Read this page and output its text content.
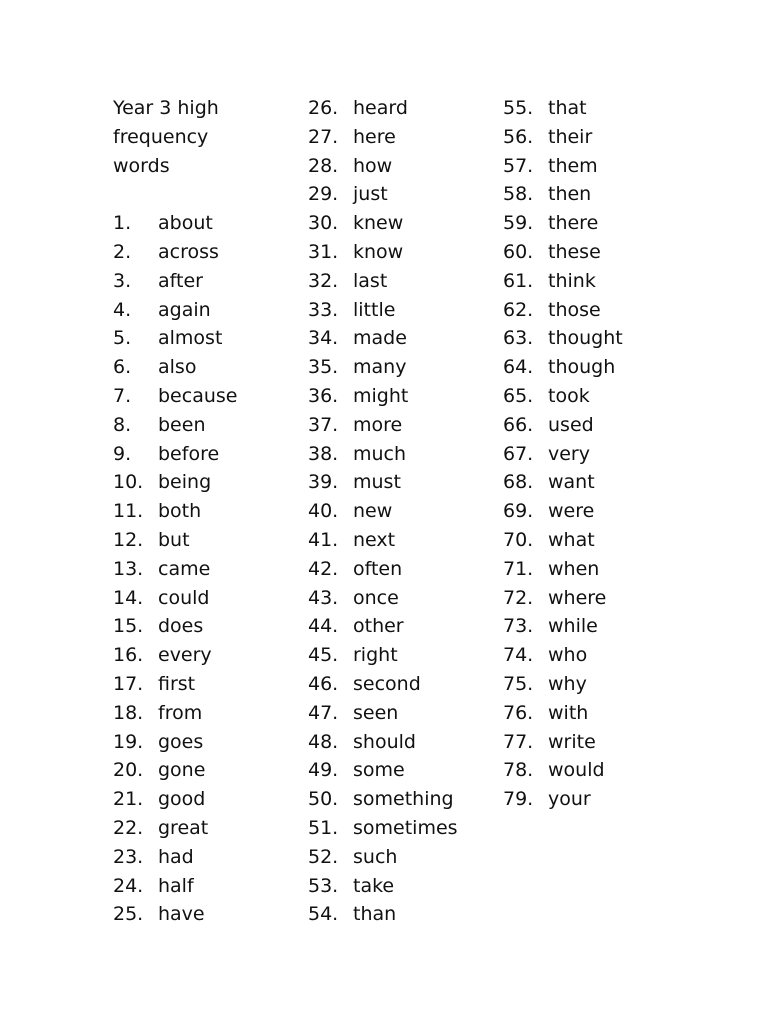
Year 3 high
frequency
words
1. about
2. across
3. after
4. again
5. almost
6. also
7. because
8. been
9. before
10. being
11. both
12. but
13. came
14. could
15. does
16. every
17. first
18. from
19. goes
20. gone
21. good
22. great
23. had
24. half
25. have
26. heard
27. here
28. how
29. just
30. knew
31. know
32. last
33. little
34. made
35. many
36. might
37. more
38. much
39. must
40. new
41. next
42. often
43. once
44. other
45. right
46. second
47. seen
48. should
49. some
50. something
51. sometimes
52. such
53. take
54. than
55. that
56. their
57. them
58. then
59. there
60. these
61. think
62. those
63. thought
64. though
65. took
66. used
67. very
68. want
69. were
70. what
71. when
72. where
73. while
74. who
75. why
76. with
77. write
78. would
79. your
